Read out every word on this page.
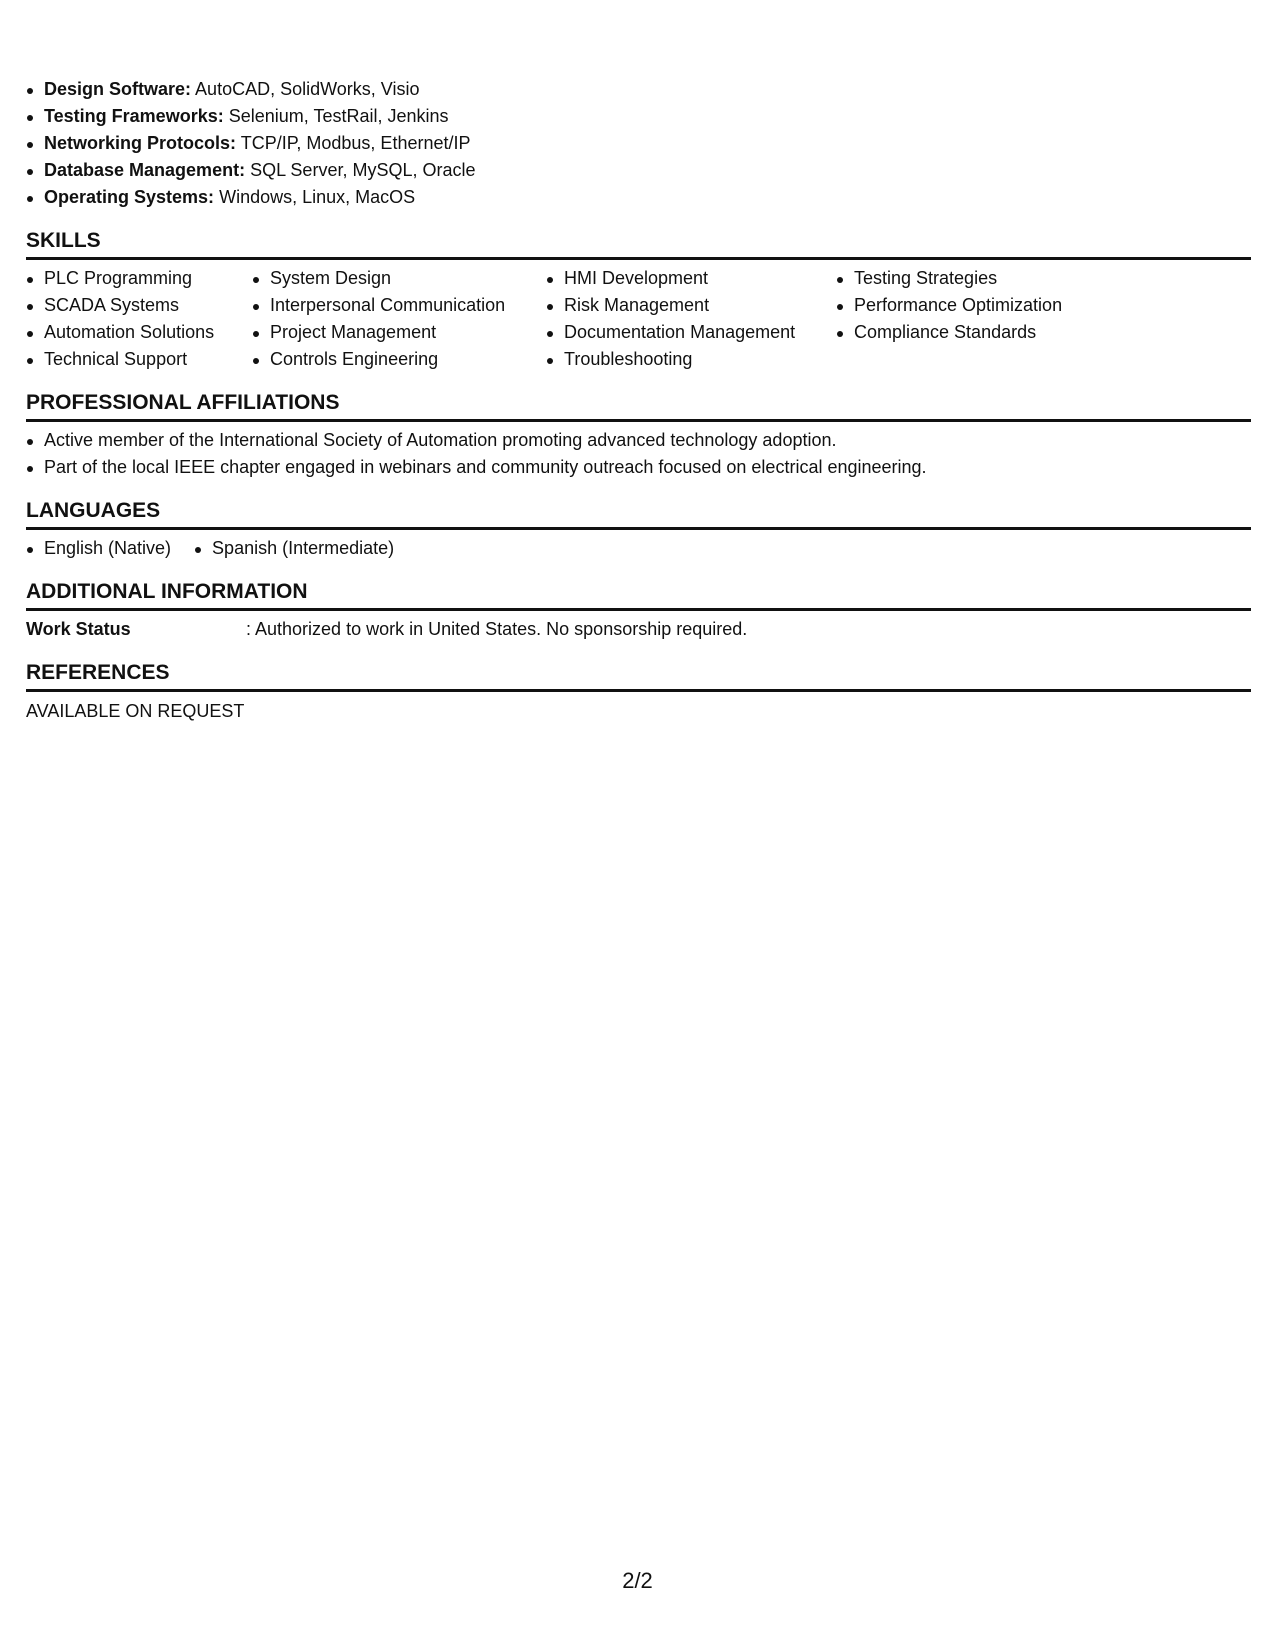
Design Software: AutoCAD, SolidWorks, Visio
Testing Frameworks: Selenium, TestRail, Jenkins
Networking Protocols: TCP/IP, Modbus, Ethernet/IP
Database Management: SQL Server, MySQL, Oracle
Operating Systems: Windows, Linux, MacOS
SKILLS
PLC Programming
SCADA Systems
Automation Solutions
Technical Support
System Design
Interpersonal Communication
Project Management
Controls Engineering
HMI Development
Risk Management
Documentation Management
Troubleshooting
Testing Strategies
Performance Optimization
Compliance Standards
PROFESSIONAL AFFILIATIONS
Active member of the International Society of Automation promoting advanced technology adoption.
Part of the local IEEE chapter engaged in webinars and community outreach focused on electrical engineering.
LANGUAGES
English (Native)	Spanish (Intermediate)
ADDITIONAL INFORMATION
Work Status	: Authorized to work in United States. No sponsorship required.
REFERENCES
AVAILABLE ON REQUEST
2/2
